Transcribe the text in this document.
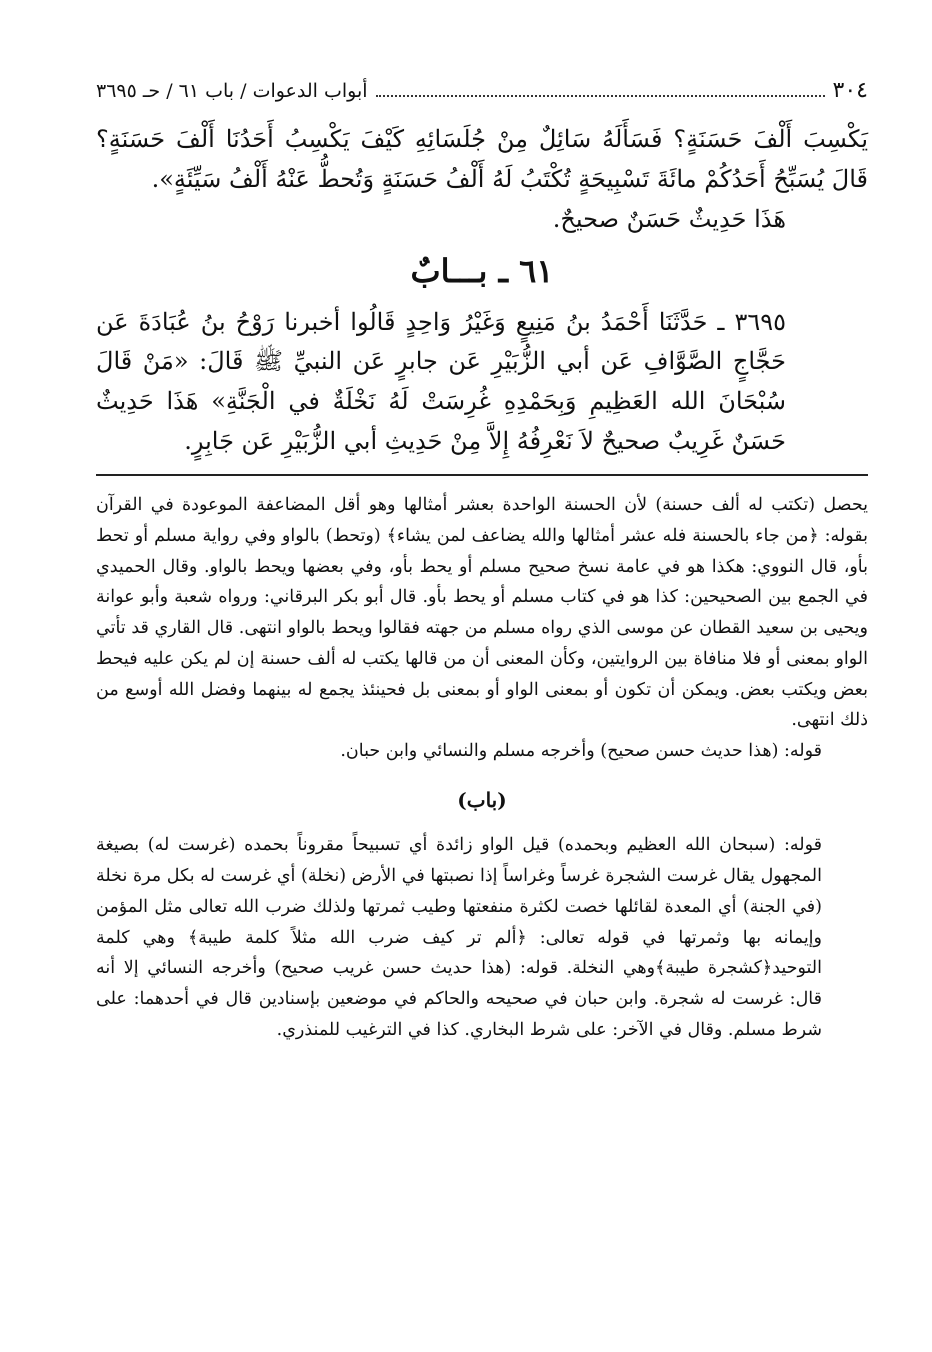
٣٠٤
أبواب الدعوات / باب ٦١ / حـ ٣٦٩٥

يَكْسِبَ أَلْفَ حَسَنَةٍ؟ فَسَأَلَهُ سَائِلٌ مِنْ جُلَسَائِهِ كَيْفَ يَكْسِبُ أَحَدُنَا أَلْفَ حَسَنَةٍ؟ قَالَ يُسَبِّحُ أَحَدُكُمْ مائَةَ تَسْبِيحَةٍ تُكْتَبُ لَهُ أَلْفُ حَسَنَةٍ وَتُحطُّ عَنْهُ أَلْفُ سَيِّئَةٍ».

هَذَا حَدِيثٌ حَسَنٌ صحيحٌ.

٦١ ـ بـــابٌ

٣٦٩٥ ـ حَدَّثَنَا أَحْمَدُ بنُ مَنِيعٍ وَغَيْرُ وَاحِدٍ قَالُوا أخبرنا رَوْحُ بنُ عُبَادَةَ عَن حَجَّاجٍ الصَّوَّافِ عَن أبي الزُّبَيْرِ عَن جابرٍ عَن النبيِّ ﷺ قَالَ: «مَنْ قَالَ سُبْحَانَ الله العَظِيمِ وَبِحَمْدِهِ غُرِسَتْ لَهُ نَخْلَةٌ في الْجَنَّةِ» هَذَا حَدِيثٌ حَسَنٌ غَرِيبٌ صحيحٌ لاَ نَعْرِفُهُ إِلاَّ مِنْ حَدِيثِ أبي الزُّبَيْرِ عَن جَابِرٍ.

يحصل (تكتب له ألف حسنة) لأن الحسنة الواحدة بعشر أمثالها وهو أقل المضاعفة الموعودة في القرآن بقوله: ﴿من جاء بالحسنة فله عشر أمثالها والله يضاعف لمن يشاء﴾ (وتحط) بالواو وفي رواية مسلم أو تحط بأو، قال النووي: هكذا هو في عامة نسخ صحيح مسلم أو يحط بأو، وفي بعضها ويحط بالواو. وقال الحميدي في الجمع بين الصحيحين: كذا هو في كتاب مسلم أو يحط بأو. قال أبو بكر البرقاني: ورواه شعبة وأبو عوانة ويحيى بن سعيد القطان عن موسى الذي رواه مسلم من جهته فقالوا ويحط بالواو انتهى. قال القاري قد تأتي الواو بمعنى أو فلا منافاة بين الروايتين، وكأن المعنى أن من قالها يكتب له ألف حسنة إن لم يكن عليه فيحط بعض ويكتب بعض. ويمكن أن تكون أو بمعنى الواو أو بمعنى بل فحينئذ يجمع له بينهما وفضل الله أوسع من ذلك انتهى.

قوله: (هذا حديث حسن صحيح) وأخرجه مسلم والنسائي وابن حبان.

(باب)

قوله: (سبحان الله العظيم وبحمده) قيل الواو زائدة أي تسبيحاً مقروناً بحمده (غرست له) بصيغة المجهول يقال غرست الشجرة غرساً وغراساً إذا نصبتها في الأرض (نخلة) أي غرست له بكل مرة نخلة (في الجنة) أي المعدة لقائلها خصت لكثرة منفعتها وطيب ثمرتها ولذلك ضرب الله تعالى مثل المؤمن وإيمانه بها وثمرتها في قوله تعالى: ﴿ألم تر كيف ضرب الله مثلاً كلمة طيبة﴾ وهي كلمة التوحيد﴿كشجرة طيبة﴾وهي النخلة. قوله: (هذا حديث حسن غريب صحيح) وأخرجه النسائي إلا أنه قال: غرست له شجرة. وابن حبان في صحيحه والحاكم في موضعين بإسنادين قال في أحدهما: على شرط مسلم. وقال في الآخر: على شرط البخاري. كذا في الترغيب للمنذري.
